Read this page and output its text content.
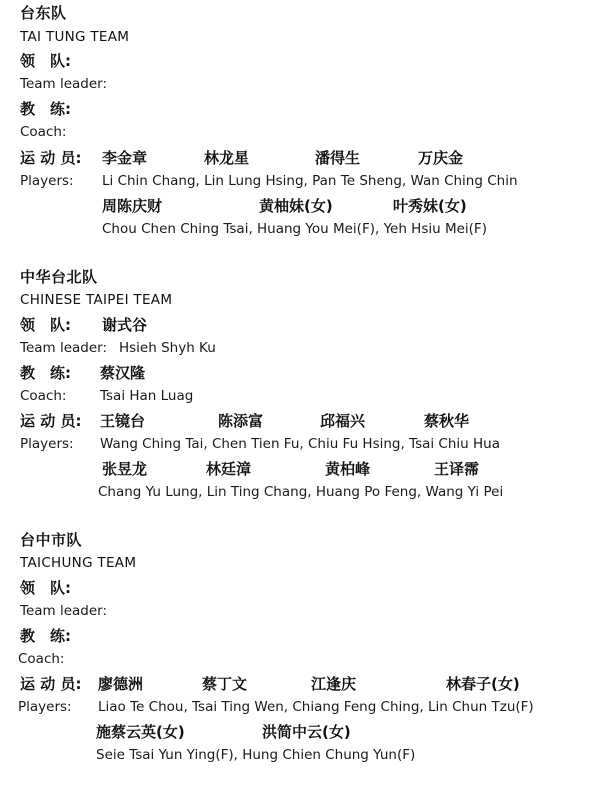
台东队
TAI TUNG TEAM
领　队:
Team leader:
教　练:
Coach:
运 动 员: 李金章	林龙星	潘得生	万庆金
Players: Li Chin Chang, Lin Lung Hsing, Pan Te Sheng, Wan Ching Chin
周陈庆财	黄柚妹(女)	叶秀妹(女)
Chou Chen Ching Tsai, Huang You Mei(F), Yeh Hsiu Mei(F)
中华台北队
CHINESE TAIPEI TEAM
领　队: 谢式谷
Team leader: Hsieh Shyh Ku
教　练: 蔡汉隆
Coach: Tsai Han Luag
运 动 员: 王镜台	陈添富	邱福兴	蔡秋华
Players: Wang Ching Tai, Chen Tien Fu, Chiu Fu Hsing, Tsai Chiu Hua
张昱龙	林廷漳	黄柏峰	王译霈
Chang Yu Lung, Lin Ting Chang, Huang Po Feng, Wang Yi Pei
台中市队
TAICHUNG TEAM
领　队:
Team leader:
教　练:
Coach:
运 动 员: 廖德洲	蔡丁文	江逢庆	林春子(女)
Players: Liao Te Chou, Tsai Ting Wen, Chiang Feng Ching, Lin Chun Tzu(F)
施蔡云英(女)	洪简中云(女)
Seie Tsai Yun Ying(F), Hung Chien Chung Yun(F)
